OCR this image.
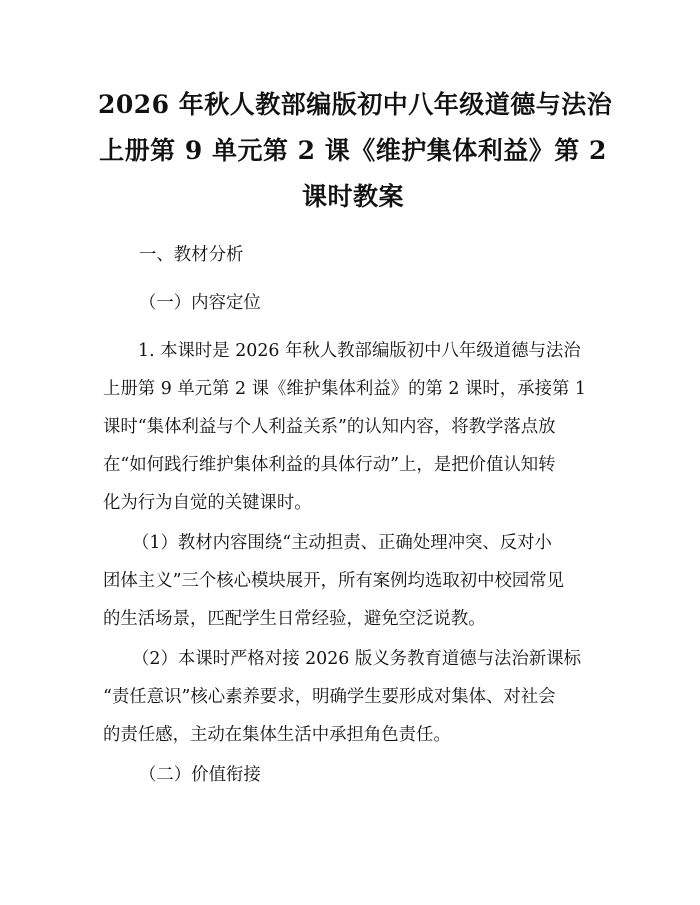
2026 年秋人教部编版初中八年级道德与法治
上册第 9 单元第 2 课《维护集体利益》第 2
课时教案
一、教材分析
（一）内容定位
1. 本课时是 2026 年秋人教部编版初中八年级道德与法治
上册第 9 单元第 2 课《维护集体利益》的第 2 课时，承接第 1
课时“集体利益与个人利益关系”的认知内容，将教学落点放
在“如何践行维护集体利益的具体行动”上，是把价值认知转
化为行为自觉的关键课时。
（1）教材内容围绕“主动担责、正确处理冲突、反对小
团体主义”三个核心模块展开，所有案例均选取初中校园常见
的生活场景，匹配学生日常经验，避免空泛说教。
（2）本课时严格对接 2026 版义务教育道德与法治新课标
“责任意识”核心素养要求，明确学生要形成对集体、对社会
的责任感，主动在集体生活中承担角色责任。
（二）价值衔接
